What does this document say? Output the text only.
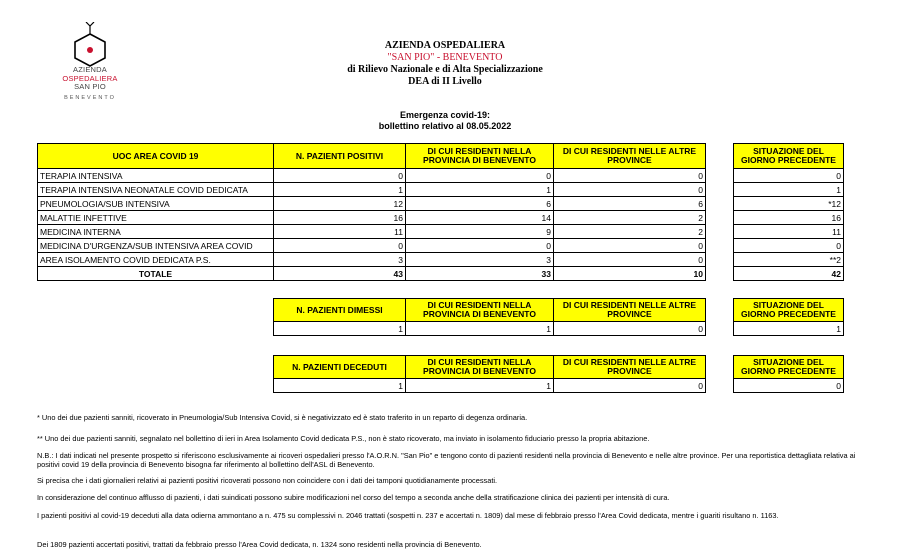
AZIENDA
OSPEDALIERA
SAN PIO
BENEVENTO
AZIENDA OSPEDALIERA
"SAN PIO" - BENEVENTO
di Rilievo Nazionale e di Alta Specializzazione
DEA di II Livello
Emergenza covid-19:
bollettino relativo al 08.05.2022
UOC AREA COVID 19	N. PAZIENTI POSITIVI	DI CUI RESIDENTI NELLA PROVINCIA DI BENEVENTO	DI CUI RESIDENTI NELLE ALTRE PROVINCE		SITUAZIONE DEL GIORNO PRECEDENTE
TERAPIA INTENSIVA	0	0	0		0
TERAPIA INTENSIVA NEONATALE COVID DEDICATA	1	1	0		1
PNEUMOLOGIA/SUB INTENSIVA	12	6	6		*12
MALATTIE INFETTIVE	16	14	2		16
MEDICINA INTERNA	11	9	2		11
MEDICINA D'URGENZA/SUB INTENSIVA AREA COVID	0	0	0		0
AREA ISOLAMENTO COVID DEDICATA P.S.	3	3	0		**2
TOTALE	43	33	10		42
N. PAZIENTI DIMESSI	DI CUI RESIDENTI NELLA PROVINCIA DI BENEVENTO	DI CUI RESIDENTI NELLE ALTRE PROVINCE		SITUAZIONE DEL GIORNO PRECEDENTE
1	1	0		1
N. PAZIENTI DECEDUTI	DI CUI RESIDENTI NELLA PROVINCIA DI BENEVENTO	DI CUI RESIDENTI NELLE ALTRE PROVINCE		SITUAZIONE DEL GIORNO PRECEDENTE
1	1	0		0

* Uno dei due pazienti sanniti, ricoverato in Pneumologia/Sub Intensiva Covid, si è negativizzato ed è stato traferito in un reparto di degenza ordinaria.

** Uno dei due pazienti sanniti, segnalato nel bollettino di ieri in Area Isolamento Covid dedicata P.S., non è stato ricoverato, ma inviato in isolamento fiduciario presso la propria abitazione.

N.B.: I dati indicati nel presente prospetto si riferiscono esclusivamente ai ricoveri ospedalieri presso l'A.O.R.N. "San Pio" e tengono conto di pazienti residenti nella provincia di Benevento e nelle altre province. Per una reportistica dettagliata relativa ai positivi covid 19 della provincia di Benevento bisogna far riferimento al bollettino dell'ASL di Benevento.

Si precisa che i dati giornalieri relativi ai pazienti positivi ricoverati possono non coincidere con i dati dei tamponi quotidianamente processati.

In considerazione del continuo afflusso di pazienti, i dati suindicati possono subire modificazioni nel corso del tempo a seconda anche della stratificazione clinica dei pazienti per intensità di cura.

I pazienti positivi al covid-19 deceduti alla data odierna ammontano a n. 475 su complessivi n. 2046 trattati (sospetti n. 237 e accertati n. 1809) dal mese di febbraio presso l'Area Covid dedicata, mentre i guariti risultano n. 1163.

Dei 1809 pazienti accertati positivi, trattati da febbraio presso l'Area Covid dedicata, n. 1324 sono residenti nella provincia di Benevento.
